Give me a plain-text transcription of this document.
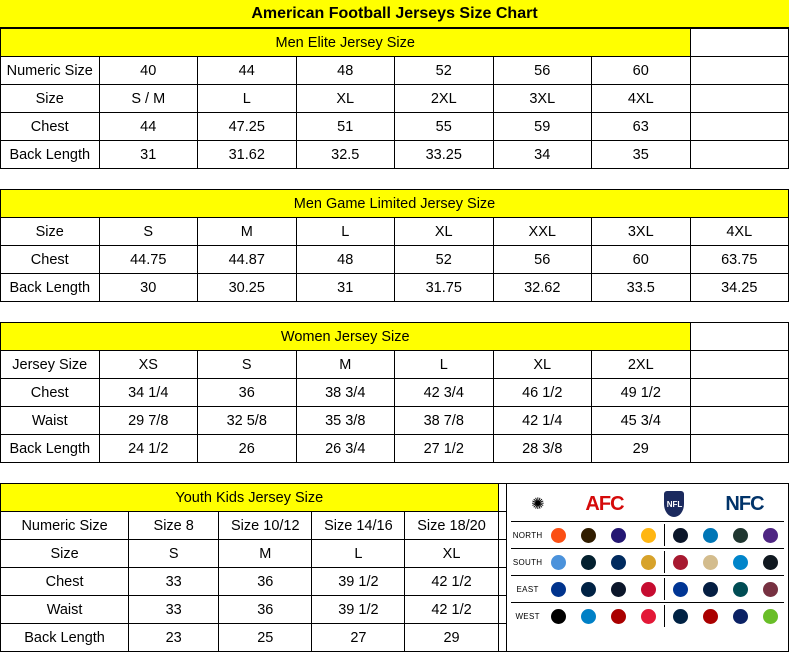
American Football Jerseys Size Chart
Men Elite Jersey Size							
Numeric Size	40	44	48	52	56	60	
Size	S / M	L	XL	2XL	3XL	4XL	
Chest	44	47.25	51	55	59	63	
Back Length	31	31.62	32.5	33.25	34	35	

Men Game Limited Jersey Size							
Size	S	M	L	XL	XXL	3XL	4XL
Chest	44.75	44.87	48	52	56	60	63.75
Back Length	30	30.25	31	31.75	32.62	33.5	34.25

Women Jersey Size							
Jersey Size	XS	S	M	L	XL	2XL	
Chest	34 1/4	36	38 3/4	42 3/4	46 1/2	49 1/2	
Waist	29 7/8	32 5/8	35 3/8	38 7/8	42 1/4	45 3/4	
Back Length	24 1/2	26	26 3/4	27 1/2	28 3/8	29	

Youth Kids Jersey Size		✺ AFC	NFL NFC
NORTH
SOUTH
EAST
WEST

Numeric Size	Size 8	Size 10/12	Size 14/16	Size 18/20		
Size	S	M	L	XL		
Chest	33	36	39 1/2	42 1/2		
Waist	33	36	39 1/2	42 1/2		
Back Length	23	25	27	29		
